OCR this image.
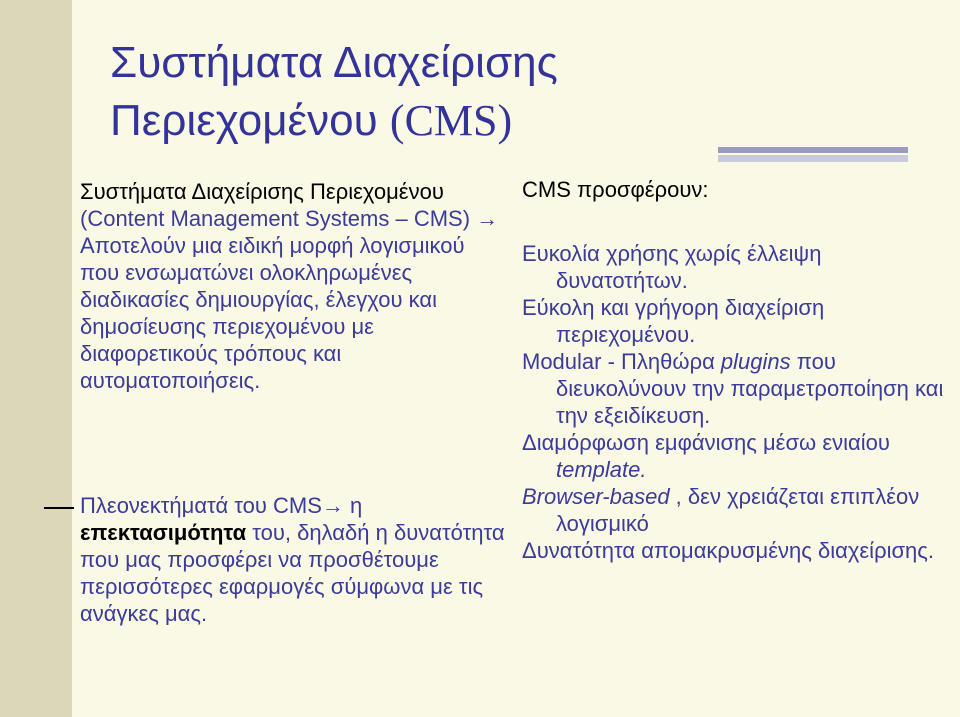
Συστήματα Διαχείρισης
Περιεχομένου (CMS)
Συστήματα Διαχείρισης Περιεχομένου (Content Management Systems – CMS) → Αποτελούν μια ειδική μορφή λογισμικού που ενσωματώνει ολοκληρωμένες διαδικασίες δημιουργίας, έλεγχου και δημοσίευσης περιεχομένου με διαφορετικούς τρόπους και αυτοματοποιήσεις.
Πλεονεκτήματά του CMS→ η επεκτασιμότητα του, δηλαδή η δυνατότητα που μας προσφέρει να προσθέτουμε περισσότερες εφαρμογές σύμφωνα με τις ανάγκες μας.
CMS προσφέρουν:
Ευκολία χρήσης χωρίς έλλειψη δυνατοτήτων.
Εύκολη και γρήγορη διαχείριση περιεχομένου.
Modular - Πληθώρα plugins που διευκολύνουν την παραμετροποίηση και την εξειδίκευση.
Διαμόρφωση εμφάνισης μέσω ενιαίου template.
Browser-based , δεν χρειάζεται επιπλέον λογισμικό
Δυνατότητα απομακρυσμένης διαχείρισης.
